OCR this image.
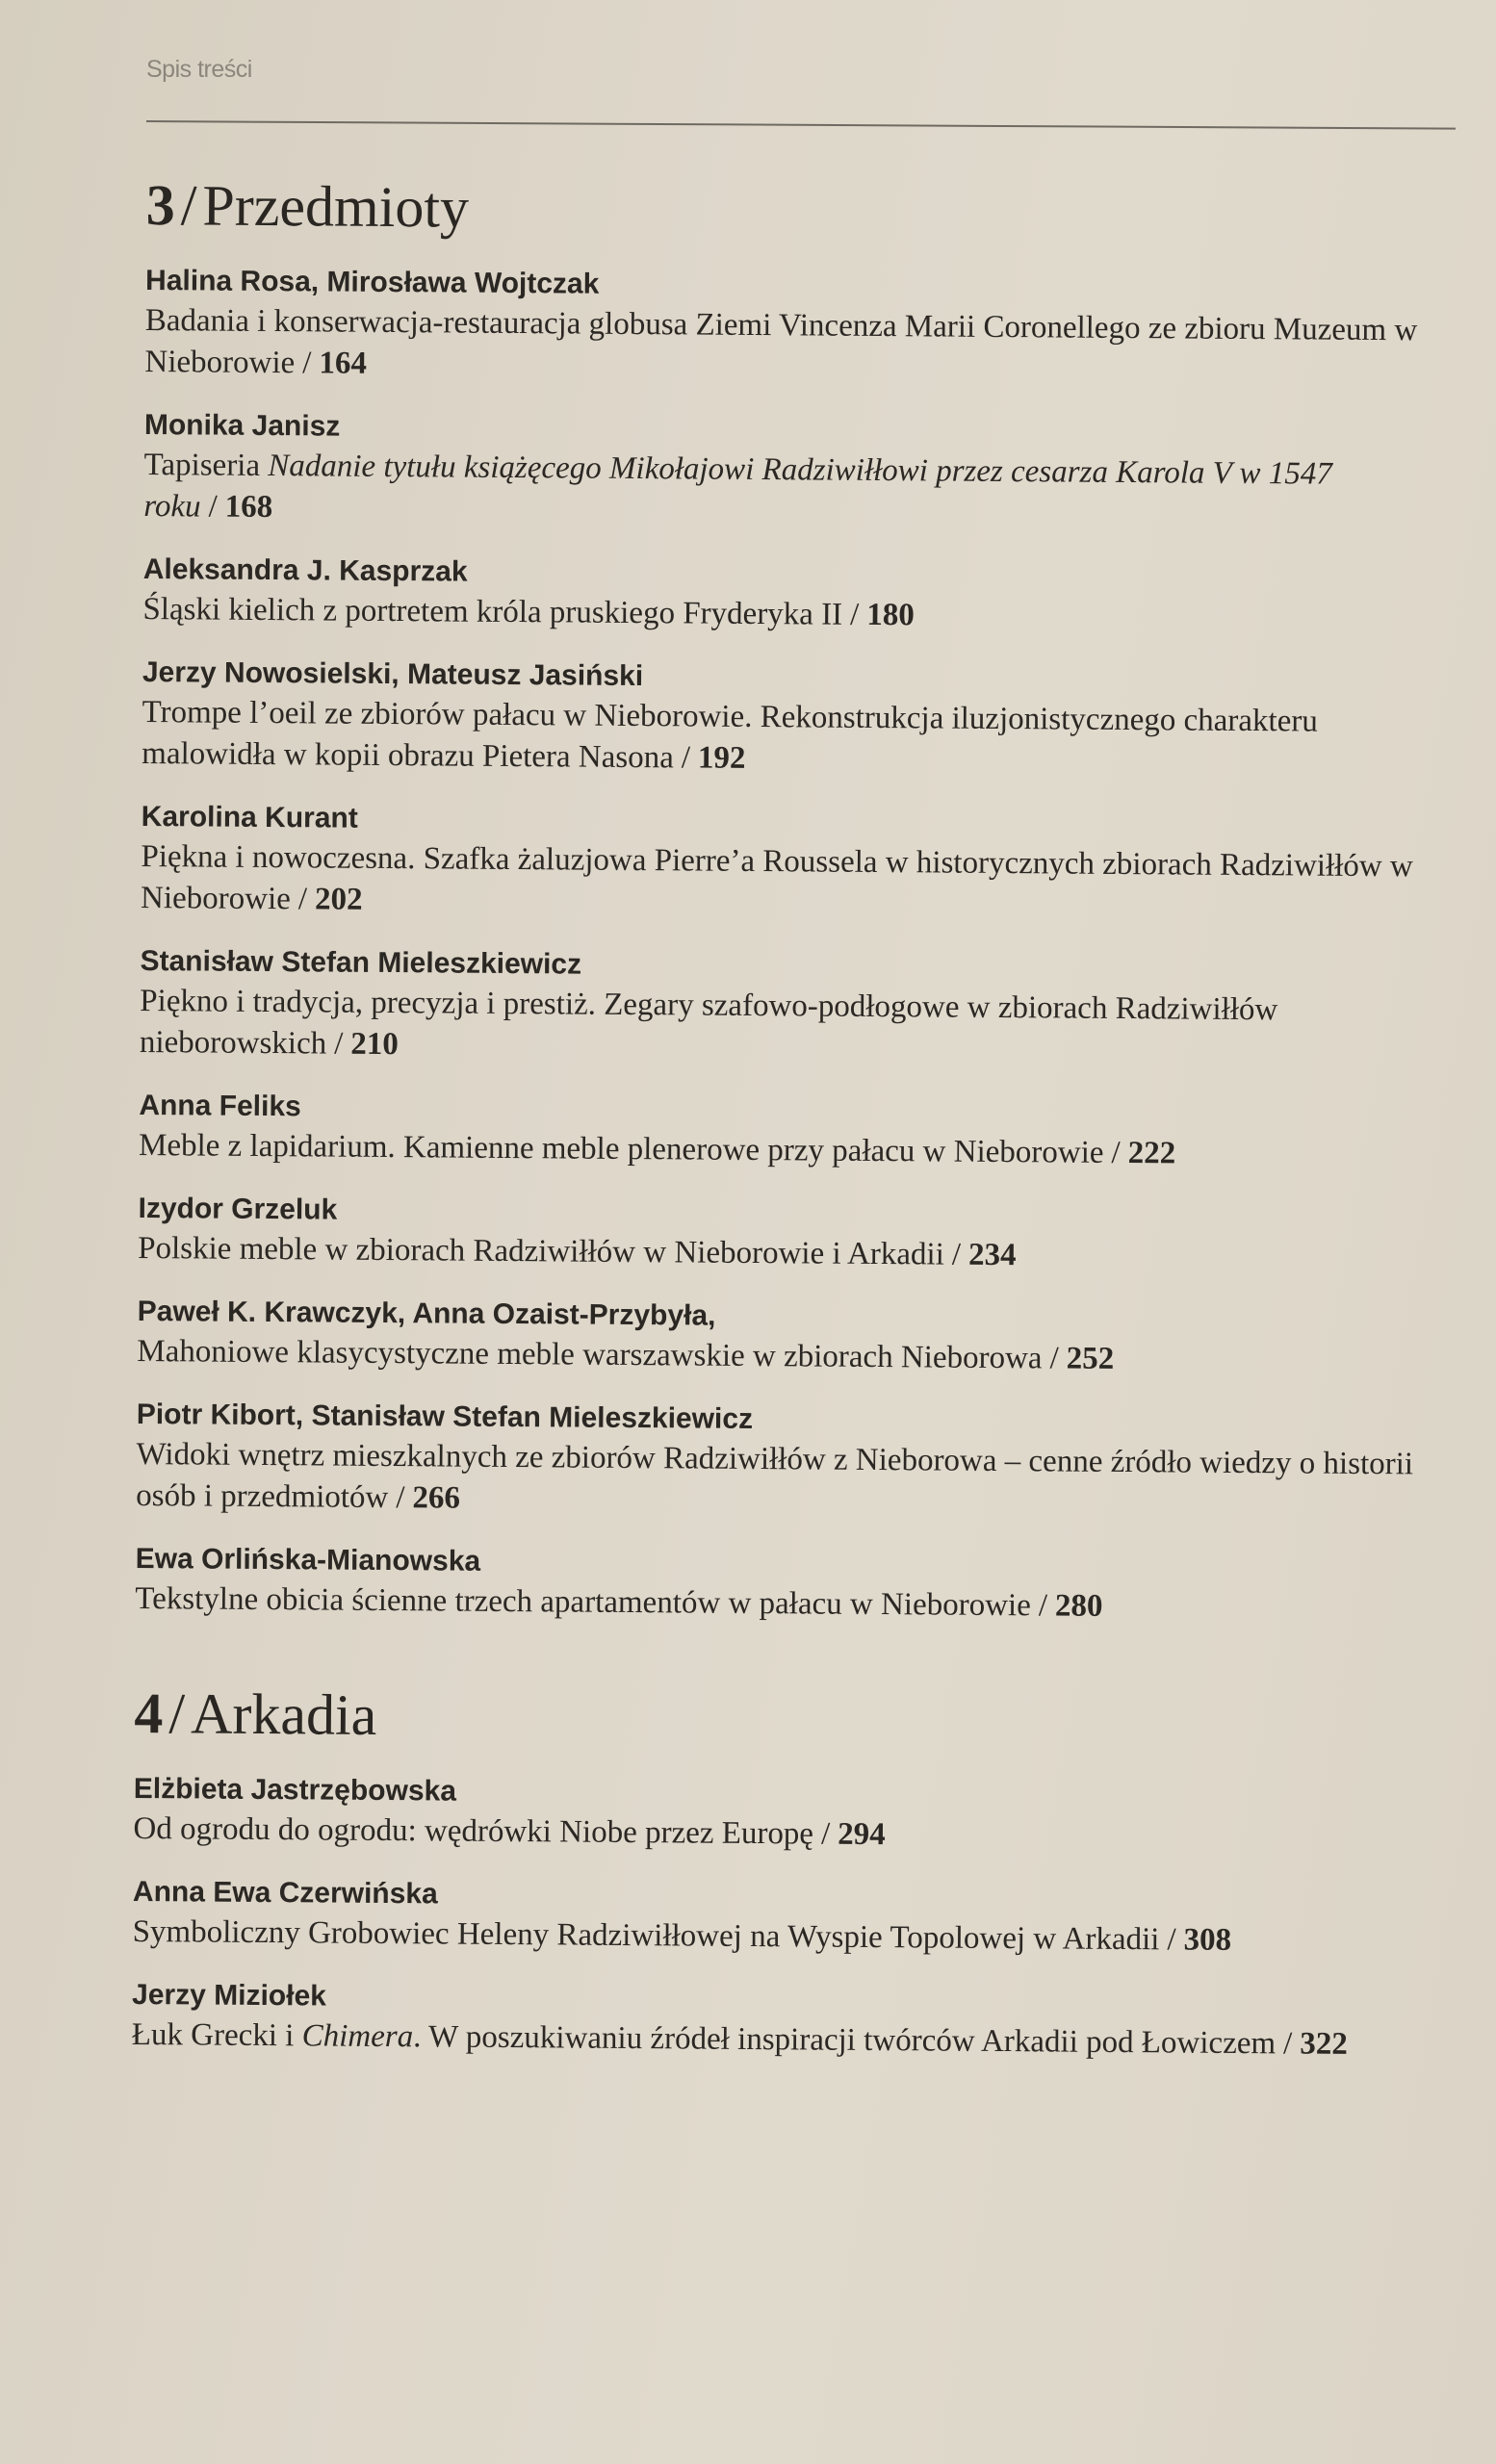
Spis treści
3/Przedmioty
Halina Rosa, Mirosława Wojtczak
Badania i konserwacja-restauracja globusa Ziemi Vincenza Marii Coronellego ze zbioru Muzeum w Nieborowie / 164
Monika Janisz
Tapiseria Nadanie tytułu książęcego Mikołajowi Radziwiłłowi przez cesarza Karola V w 1547 roku / 168
Aleksandra J. Kasprzak
Śląski kielich z portretem króla pruskiego Fryderyka II / 180
Jerzy Nowosielski, Mateusz Jasiński
Trompe l’oeil ze zbiorów pałacu w Nieborowie. Rekonstrukcja iluzjonistycznego charakteru malowidła w kopii obrazu Pietera Nasona / 192
Karolina Kurant
Piękna i nowoczesna. Szafka żaluzjowa Pierre’a Roussela w historycznych zbiorach Radziwiłłów w Nieborowie / 202
Stanisław Stefan Mieleszkiewicz
Piękno i tradycja, precyzja i prestiż. Zegary szafowo-podłogowe w zbiorach Radziwiłłów nieborowskich / 210
Anna Feliks
Meble z lapidarium. Kamienne meble plenerowe przy pałacu w Nieborowie / 222
Izydor Grzeluk
Polskie meble w zbiorach Radziwiłłów w Nieborowie i Arkadii / 234
Paweł K. Krawczyk, Anna Ozaist-Przybyła,
Mahoniowe klasycystyczne meble warszawskie w zbiorach Nieborowa / 252
Piotr Kibort, Stanisław Stefan Mieleszkiewicz
Widoki wnętrz mieszkalnych ze zbiorów Radziwiłłów z Nieborowa – cenne źródło wiedzy o historii osób i przedmiotów / 266
Ewa Orlińska-Mianowska
Tekstylne obicia ścienne trzech apartamentów w pałacu w Nieborowie / 280
4/Arkadia
Elżbieta Jastrzębowska
Od ogrodu do ogrodu: wędrówki Niobe przez Europę / 294
Anna Ewa Czerwińska
Symboliczny Grobowiec Heleny Radziwiłłowej na Wyspie Topolowej w Arkadii / 308
Jerzy Miziołek
Łuk Grecki i Chimera. W poszukiwaniu źródeł inspiracji twórców Arkadii pod Łowiczem / 322
